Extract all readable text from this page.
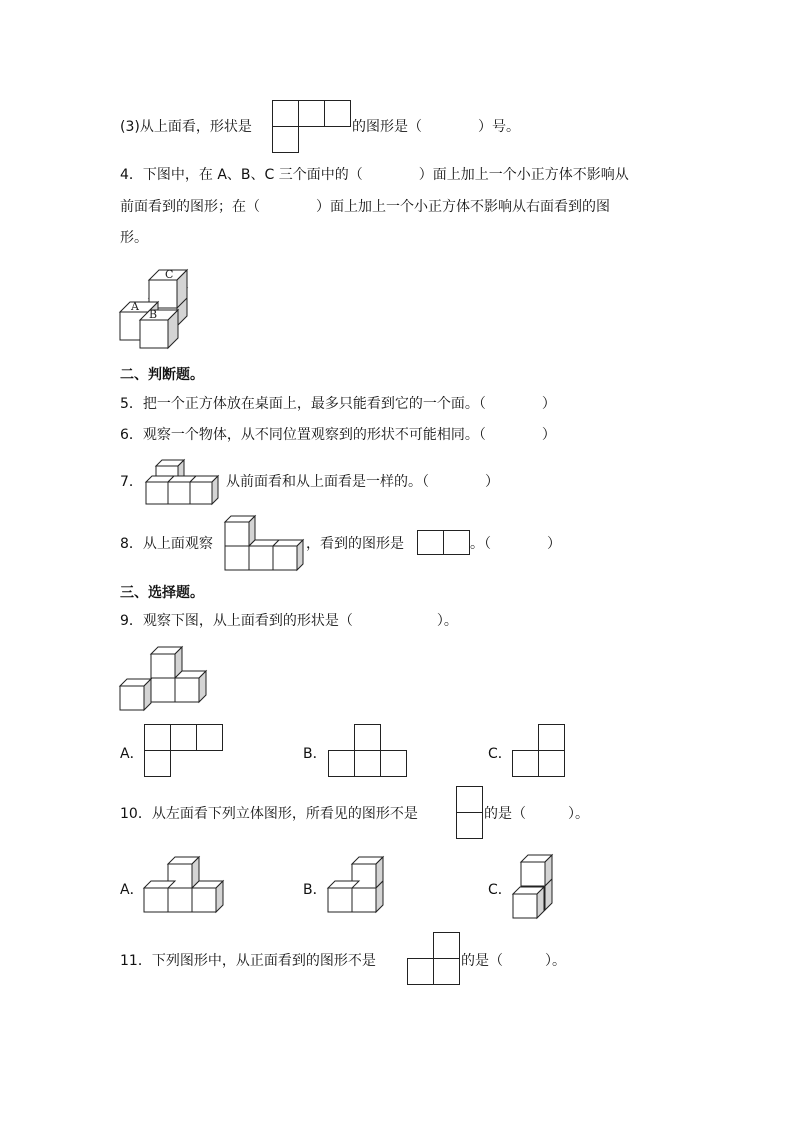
(3)从上面看，形状是	的图形是（　　　　）号。
4．下图中，在 A、B、C 三个面中的（　　　　）面上加上一个小正方体不影响从
前面看到的图形；在（　　　　）面上加上一个小正方体不影响从右面看到的图
形。
C
A
B
二、判断题。
5．把一个正方体放在桌面上，最多只能看到它的一个面。（　　　　）
6．观察一个物体，从不同位置观察到的形状不可能相同。（　　　　）
7．	从前面看和从上面看是一样的。（　　　　）
8．从上面观察	，看到的图形是	。（　　　　）
三、选择题。
9．观察下图，从上面看到的形状是（　　　　　　）。
A．	B．	C．
10．从左面看下列立体图形，所看见的图形不是	的是（　　　）。
A．	B．	C．
11．下列图形中，从正面看到的图形不是	的是（　　　）。
